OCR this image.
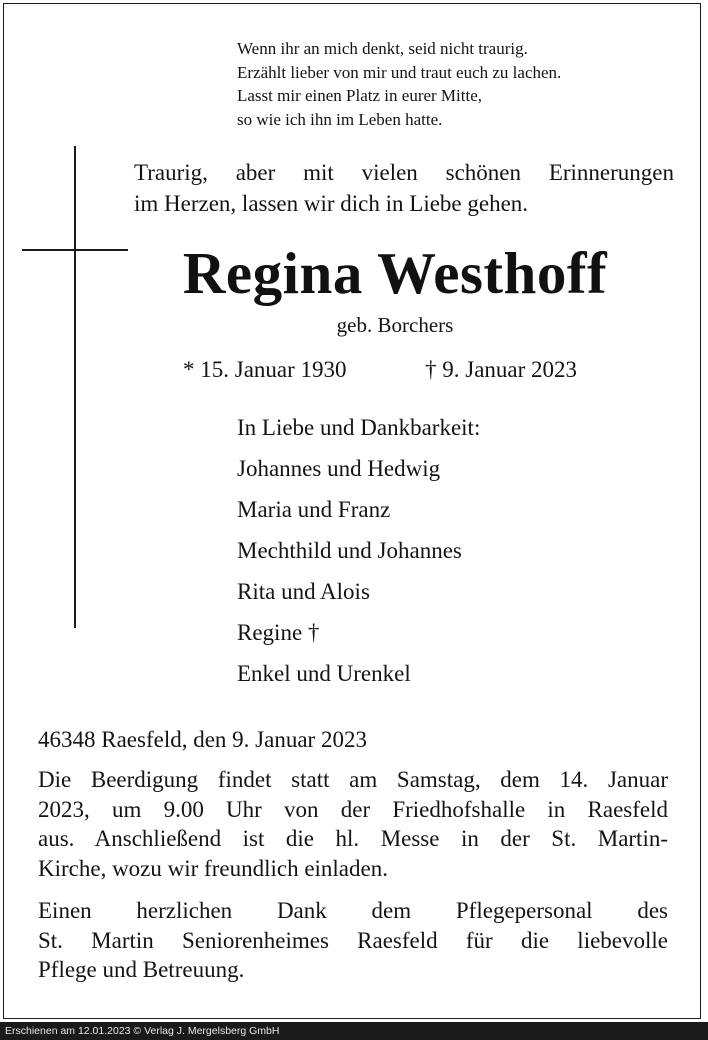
Wenn ihr an mich denkt, seid nicht traurig.
Erzählt lieber von mir und traut euch zu lachen.
Lasst mir einen Platz in eurer Mitte,
so wie ich ihn im Leben hatte.
Traurig, aber mit vielen schönen Erinnerungen
im Herzen, lassen wir dich in Liebe gehen.
Regina Westhoff
geb. Borchers
* 15. Januar 1930	† 9. Januar 2023
In Liebe und Dankbarkeit:
Johannes und Hedwig
Maria und Franz
Mechthild und Johannes
Rita und Alois
Regine †
Enkel und Urenkel
46348 Raesfeld, den 9. Januar 2023
Die Beerdigung findet statt am Samstag, dem 14. Januar
2023, um 9.00 Uhr von der Friedhofshalle in Raesfeld
aus. Anschließend ist die hl. Messe in der St. Martin-
Kirche, wozu wir freundlich einladen.
Einen herzlichen Dank dem Pflegepersonal des
St. Martin Seniorenheimes Raesfeld für die liebevolle
Pflege und Betreuung.
Erschienen am 12.01.2023 © Verlag J. Mergelsberg GmbH
